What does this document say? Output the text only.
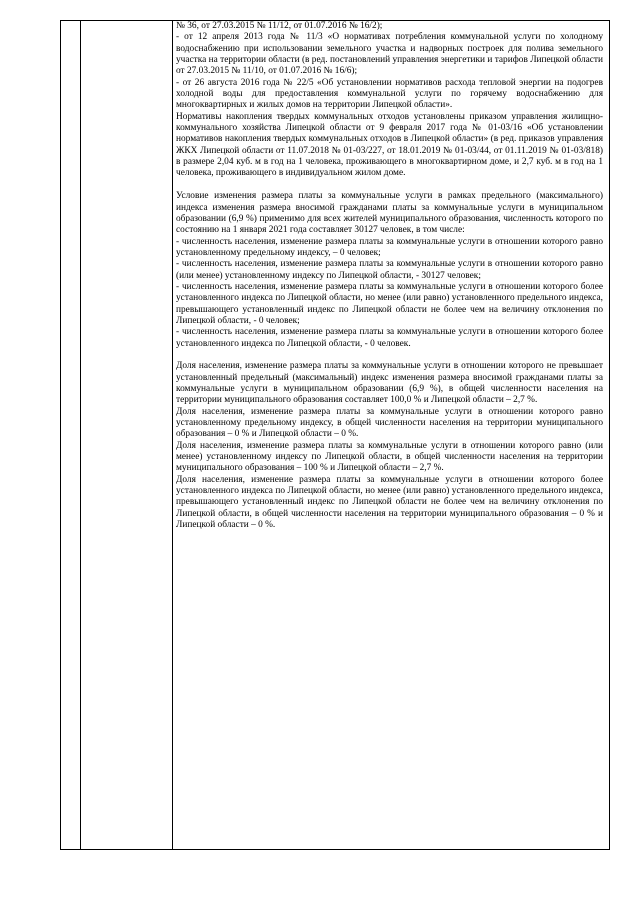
№ 36, от 27.03.2015 № 11/12, от 01.07.2016 № 16/2);

- от 12 апреля 2013 года № 11/3 «О нормативах потребления коммунальной услуги по холодному водоснабжению при использовании земельного участка и надворных построек для полива земельного участка на территории области (в ред. постановлений управления энергетики и тарифов Липецкой области от 27.03.2015 № 11/10, от 01.07.2016 № 16/6);

- от 26 августа 2016 года № 22/5 «Об установлении нормативов расхода тепловой энергии на подогрев холодной воды для предоставления коммунальной услуги по горячему водоснабжению для многоквартирных и жилых домов на территории Липецкой области».

Нормативы накопления твердых коммунальных отходов установлены приказом управления жилищно-коммунального хозяйства Липецкой области от 9 февраля 2017 года № 01-03/16 «Об установлении нормативов накопления твердых коммунальных отходов в Липецкой области» (в ред. приказов управления ЖКХ Липецкой области от 11.07.2018 № 01-03/227, от 18.01.2019 № 01-03/44, от 01.11.2019 № 01-03/818) в размере 2,04 куб. м в год на 1 человека, проживающего в многоквартирном доме, и 2,7 куб. м в год на 1 человека, проживающего в индивидуальном жилом доме.

Условие изменения размера платы за коммунальные услуги в рамках предельного (максимального) индекса изменения размера вносимой гражданами платы за коммунальные услуги в муниципальном образовании (6,9 %) применимо для всех жителей муниципального образования, численность которого по состоянию на 1 января 2021 года составляет 30127 человек, в том числе:

- численность населения, изменение размера платы за коммунальные услуги в отношении которого равно установленному предельному индексу, – 0 человек;

- численность населения, изменение размера платы за коммунальные услуги в отношении которого равно (или менее) установленному индексу по Липецкой области, - 30127 человек;

- численность населения, изменение размера платы за коммунальные услуги в отношении которого более установленного индекса по Липецкой области, но менее (или равно) установленного предельного индекса, превышающего установленный индекс по Липецкой области не более чем на величину отклонения по Липецкой области, - 0 человек;

- численность населения, изменение размера платы за коммунальные услуги в отношении которого более установленного индекса по Липецкой области, - 0 человек.

Доля населения, изменение размера платы за коммунальные услуги в отношении которого не превышает установленный предельный (максимальный) индекс изменения размера вносимой гражданами платы за коммунальные услуги в муниципальном образовании (6,9 %), в общей численности населения на территории муниципального образования составляет 100,0 % и Липецкой области – 2,7 %.

Доля населения, изменение размера платы за коммунальные услуги в отношении которого равно установленному предельному индексу, в общей численности населения на территории муниципального образования – 0 % и Липецкой области – 0 %.

Доля населения, изменение размера платы за коммунальные услуги в отношении которого равно (или менее) установленному индексу по Липецкой области, в общей численности населения на территории муниципального образования – 100 % и Липецкой области – 2,7 %.

Доля населения, изменение размера платы за коммунальные услуги в отношении которого более установленного индекса по Липецкой области, но менее (или равно) установленного предельного индекса, превышающего установленный индекс по Липецкой области не более чем на величину отклонения по Липецкой области, в общей численности населения на территории муниципального образования – 0 % и Липецкой области – 0 %.
